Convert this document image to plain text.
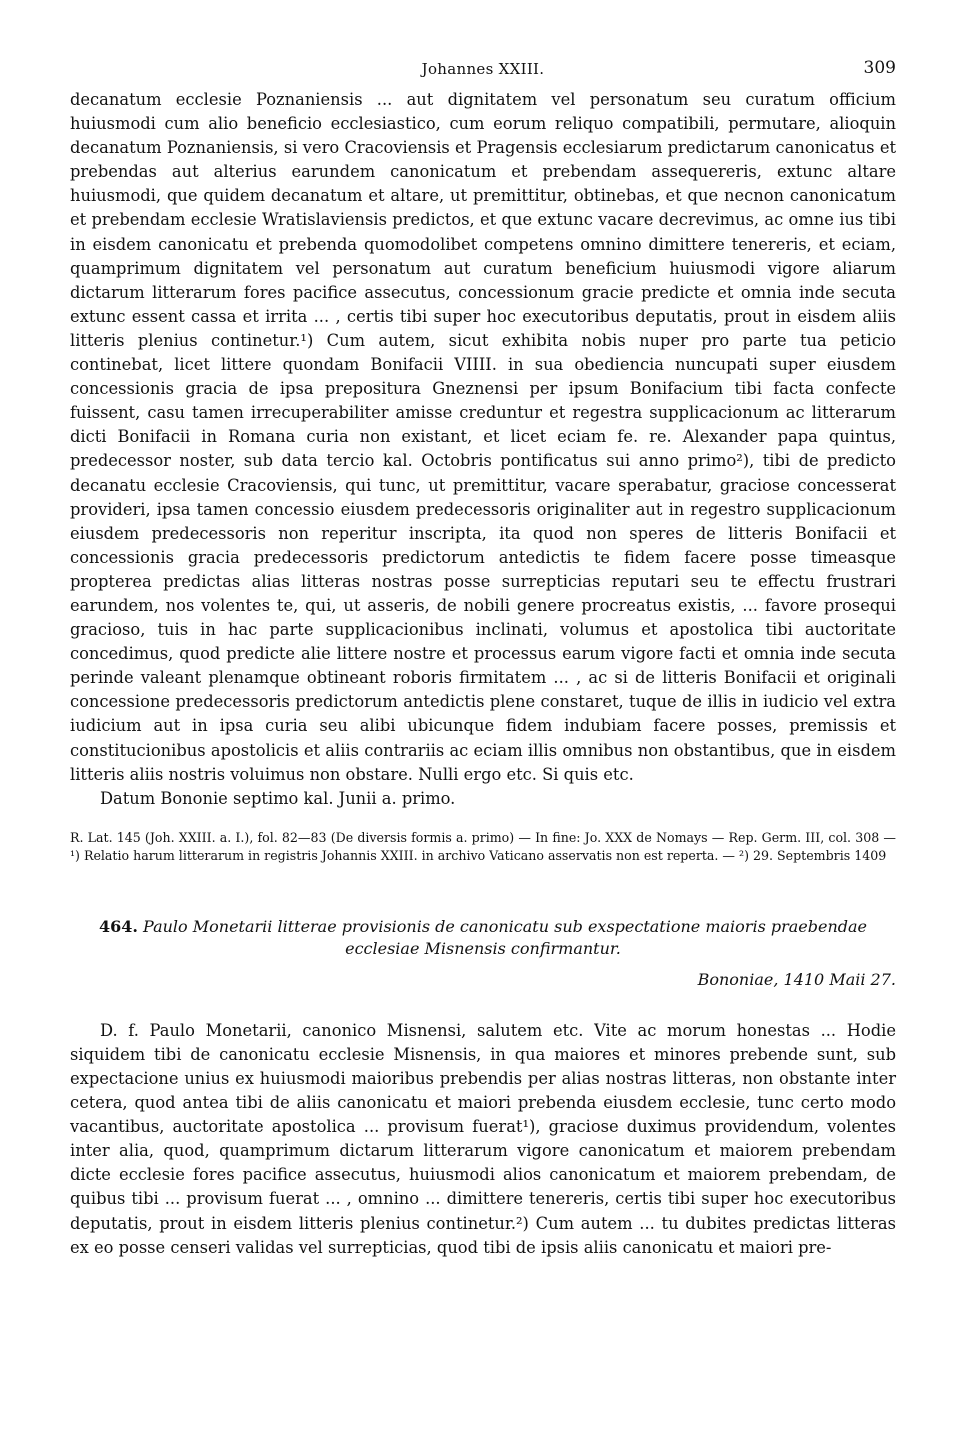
Johannes XXIII.	309

decanatum ecclesie Poznaniensis ... aut dignitatem vel personatum seu curatum officium huiusmodi cum alio beneficio ecclesiastico, cum eorum reliquo compatibili, permutare, alioquin decanatum Poznaniensis, si vero Cracoviensis et Pragensis ecclesiarum predictarum canonicatus et prebendas aut alterius earundem canonicatum et prebendam assequereris, extunc altare huiusmodi, que quidem decanatum et altare, ut premittitur, obtinebas, et que necnon canonicatum et prebendam ecclesie Wratislaviensis predictos, et que extunc vacare decrevimus, ac omne ius tibi in eisdem canonicatu et prebenda quomodolibet competens omnino dimittere tenereris, et eciam, quamprimum dignitatem vel personatum aut curatum beneficium huiusmodi vigore aliarum dictarum litterarum fores pacifice assecutus, concessionum gracie predicte et omnia inde secuta extunc essent cassa et irrita ... , certis tibi super hoc executoribus deputatis, prout in eisdem aliis litteris plenius continetur.¹) Cum autem, sicut exhibita nobis nuper pro parte tua peticio continebat, licet littere quondam Bonifacii VIIII. in sua obediencia nuncupati super eiusdem concessionis gracia de ipsa prepositura Gneznensi per ipsum Bonifacium tibi facta confecte fuissent, casu tamen irrecuperabiliter amisse creduntur et regestra supplicacionum ac litterarum dicti Bonifacii in Romana curia non existant, et licet eciam fe. re. Alexander papa quintus, predecessor noster, sub data tercio kal. Octobris pontificatus sui anno primo²), tibi de predicto decanatu ecclesie Cracoviensis, qui tunc, ut premittitur, vacare sperabatur, graciose concesserat provideri, ipsa tamen concessio eiusdem predecessoris originaliter aut in regestro supplicacionum eiusdem predecessoris non reperitur inscripta, ita quod non speres de litteris Bonifacii et concessionis gracia predecessoris predictorum antedictis te fidem facere posse timeasque propterea predictas alias litteras nostras posse surrepticias reputari seu te effectu frustrari earundem, nos volentes te, qui, ut asseris, de nobili genere procreatus existis, ... favore prosequi gracioso, tuis in hac parte supplicacionibus inclinati, volumus et apostolica tibi auctoritate concedimus, quod predicte alie littere nostre et processus earum vigore facti et omnia inde secuta perinde valeant plenamque obtineant roboris firmitatem ... , ac si de litteris Bonifacii et originali concessione predecessoris predictorum antedictis plene constaret, tuque de illis in iudicio vel extra iudicium aut in ipsa curia seu alibi ubicunque fidem indubiam facere posses, premissis et constitucionibus apostolicis et aliis contrariis ac eciam illis omnibus non obstantibus, que in eisdem litteris aliis nostris voluimus non obstare. Nulli ergo etc. Si quis etc.

Datum Bononie septimo kal. Junii a. primo.

R. Lat. 145 (Joh. XXIII. a. I.), fol. 82—83 (De diversis formis a. primo) — In fine: Jo. XXX de Nomays — Rep. Germ. III, col. 308 — ¹) Relatio harum litterarum in registris Johannis XXIII. in archivo Vaticano asservatis non est reperta. — ²) 29. Septembris 1409

464. Paulo Monetarii litterae provisionis de canonicatu sub exspectatione maioris praebendae ecclesiae Misnensis confirmantur.
Bononiae, 1410 Maii 27.

D. f. Paulo Monetarii, canonico Misnensi, salutem etc. Vite ac morum honestas ... Hodie siquidem tibi de canonicatu ecclesie Misnensis, in qua maiores et minores prebende sunt, sub expectacione unius ex huiusmodi maioribus prebendis per alias nostras litteras, non obstante inter cetera, quod antea tibi de aliis canonicatu et maiori prebenda eiusdem ecclesie, tunc certo modo vacantibus, auctoritate apostolica ... provisum fuerat¹), graciose duximus providendum, volentes inter alia, quod, quamprimum dictarum litterarum vigore canonicatum et maiorem prebendam dicte ecclesie fores pacifice assecutus, huiusmodi alios canonicatum et maiorem prebendam, de quibus tibi ... provisum fuerat ... , omnino ... dimittere tenereris, certis tibi super hoc executoribus deputatis, prout in eisdem litteris plenius continetur.²) Cum autem ... tu dubites predictas litteras ex eo posse censeri validas vel surrepticias, quod tibi de ipsis aliis canonicatu et maiori pre-
